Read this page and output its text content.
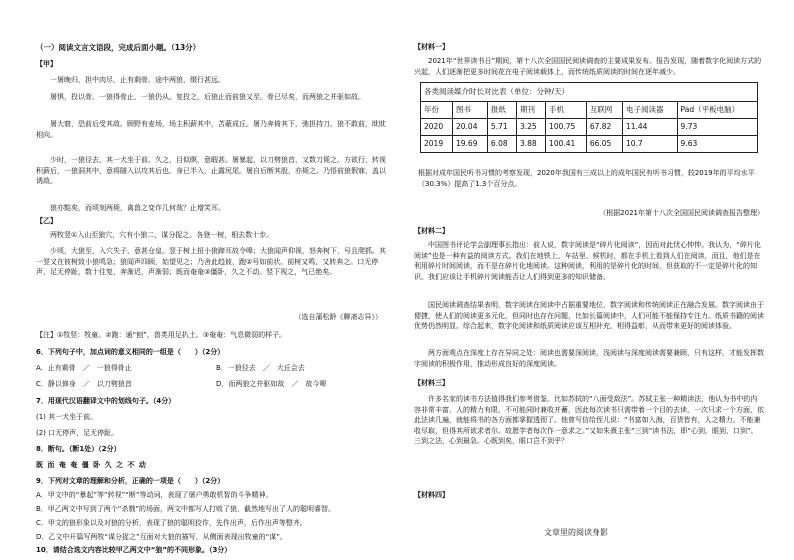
（一）阅读文言文语段，完成后面小题。（13分）
【甲】
一屠晚归，担中肉尽，止有剩骨。途中两狼，缀行甚远。
屠惧，投以骨。一狼得骨止，一狼仍从。复投之，后狼止而前狼又至。骨已尽矣，而两狼之并驱如故。
屠大窘，恐前后受其敌。顾野有麦场，场主积薪其中，苫蔽成丘。屠乃奔倚其下，弛担持刀。狼不敢前，眈眈相向。
少时，一狼径去，其一犬坐于前。久之，目似瞑，意暇甚。屠暴起，以刀劈狼首，又数刀毙之。方欲行，转视积薪后，一狼洞其中，意将隧入以攻其后也。身已半入，止露尻尾。屠自后断其股，亦毙之。乃悟前狼假寐，盖以诱敌。
狼亦黠矣，而顷刻两毙，禽兽之变诈几何哉？止增笑耳。
【乙】
两牧竖①入山至狼穴，穴有小狼二，谋分捉之。各登一树，相去数十步。
少顷，大狼至，入穴失子，意甚仓皇。竖于树上扭小狼蹄耳故令嗥；大狼闻声仰视，怒奔树下，号且爬抓。其一竖又在彼树致小狼鸣急；狼闻声四顾，始望见之；乃舍此趋彼，跑②号如前状。前树又鸣，又转奔之。口无停声，足无停趾，数十往复，奔渐迟，声渐弱；既而奄奄③僵卧，久之不动。竖下视之，气已绝矣。
（选自蒲松龄《聊斋志异》）
【注】①牧竖：牧童。②跑：通“刨”，兽类用足扒土。③奄奄：气息微弱的样子。
6．下列句子中，加点词的意义相同的一组是（　　）（2分）
A．止有剩骨　／　一狼得骨止	B．一狼径去　／　大丘会去
C．静以修身　／　以刀劈狼首	D．而两狼之并驱如故　／　故今嗥
7．用现代汉语翻译文中的划线句子。（4分）
(1) 其一犬坐于前。
(2) 口无停声，足无停趾。
8．断句。（断1处）（2分）
既 而 奄 奄 僵 卧 久 之 不 动
9．下列对文章的理解和分析，正确的一项是（　　）（2分）
A．甲文中的“暴起”等“转视”“断”等动词，表现了屠户勇敢机智的斗争精神。
B．甲乙两文中写到了两个“杀戮”的场面，两文中都写人打败了狼，截然地写出了人的聪明睿智。
C．甲文的狼形象以及对狼的分析，表现了狼的聪明狡诈，先作出声，后作出声等整齐。
D．乙文中开篇写两牧“谋分捉之”互面对大狼的描写，从侧面表现出牧童的“谋”。
10．请结合选文内容比较甲乙两文中“狼”的不同形象。（3分）
【材料一】
2021年“世界读书日”期间，第十八次全国国民阅读调查的主要成果发布。报告发现，随着数字化阅读方式的兴起，人们逐渐把更多时间花在电子阅读载体上，而传统纸质阅读的时间在逐年减少。
各类阅读媒介时长对比表（单位：分钟/天）							
年份	图书	报纸	期刊	手机	互联网	电子阅读器	Pad（平板电脑）
2020	20.04	5.71	3.25	100.75	67.82	11.44	9.73
2019	19.69	6.08	3.88	100.41	66.05	10.7	9.63
根据对成年国民听书习惯的考察发现，2020年我国有三成以上的成年国民有听书习惯，较2019年的平均水平（30.3%）提高了1.3个百分点。
（根据2021年第十八次全国国民阅读调查报告整理）
【材料二】
中国图书评论学会副理事长指出：前人说，数字阅读是“碎片化阅读”，因而对此忧心忡忡。我认为，“碎片化阅读”也是一种有益的阅读方式。我们在地铁上、车站里、候机时，都在手机上看到人们在阅读，而且，他们是在利用碎片时间阅读，而不是在碎片化地阅读。这种阅读，利用的是碎片化的时间，但获取的不一定是碎片化的知识。我们应该让手机碎片阅读能否让人们得到更多的知识储备。
国民阅读调查结果表明，数字阅读在阅读中占据重要地位，数字阅读和传统阅读正在融合发展。数字阅读由于便捷，使人们的阅读更多元化，但同时也存在问题，比如长篇阅读中，人们可能不能保持专注力。纸质书籍的阅读优势仍然明显。综合起来，数字化阅读和纸质阅读应该互相补充，相得益彰，从而带来更好的阅读体验。
两方面观点在深度上存在异同之处：阅读也需要深阅读，浅阅读与深度阅读需要兼顾，只有这样，才能发挥数字阅读的积极作用，推动形成良好的深度阅读。
【材料三】
许多名家的读书方法值得我们参考借鉴。比如苏轼的“八面受敌法”。苏轼主张一种精读法，他认为书中的内容非常丰富，人的精力有限，不可能同时兼收并蓄，因此每次读书只需带着一个目的去读，一次只求一个方面，依此法读几遍，就能将书的各方面都掌握透彻了。他曾写信给侄儿说：“书富如入海，百货皆有，人之精力，不能兼收尽取，但得其所欲求者尔。故愿学者每次作一意求之。”又如朱熹主张“三到”读书法，即“心到，眼到，口到”。三到之法，心到最急。心既到矣，眼口岂不到乎？
【材料四】
文章里的阅读身影
